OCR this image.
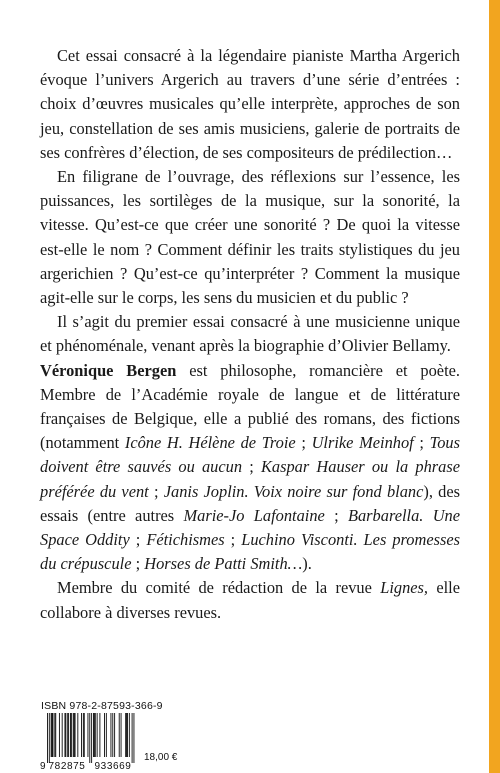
Cet essai consacré à la légendaire pianiste Martha Argerich évoque l’univers Argerich au travers d’une série d’entrées : choix d’œuvres musicales qu’elle interprète, approches de son jeu, constellation de ses amis musiciens, galerie de portraits de ses confrères d’élection, de ses compositeurs de prédilection…

En filigrane de l’ouvrage, des réflexions sur l’essence, les puissances, les sortilèges de la musique, sur la sonorité, la vitesse. Qu’est-ce que créer une sonorité ? De quoi la vitesse est-elle le nom ? Comment définir les traits stylistiques du jeu argerichien ? Qu’est-ce qu’interpréter ? Comment la musique agit-elle sur le corps, les sens du musicien et du public ?

Il s’agit du premier essai consacré à une musicienne unique et phénoménale, venant après la biographie d’Olivier Bellamy.

Véronique Bergen est philosophe, romancière et poète. Membre de l’Académie royale de langue et de littérature françaises de Belgique, elle a publié des romans, des fictions (notamment Icône H. Hélène de Troie ; Ulrike Meinhof ; Tous doivent être sauvés ou aucun ; Kaspar Hauser ou la phrase préférée du vent ; Janis Joplin. Voix noire sur fond blanc), des essais (entre autres Marie-Jo Lafontaine ; Barbarella. Une Space Oddity ; Fétichismes ; Luchino Visconti. Les promesses du crépuscule ; Horses de Patti Smith…).

Membre du comité de rédaction de la revue Lignes, elle collabore à diverses revues.

ISBN 978-2-87593-366-9
9 782875 933669
18,00 €
